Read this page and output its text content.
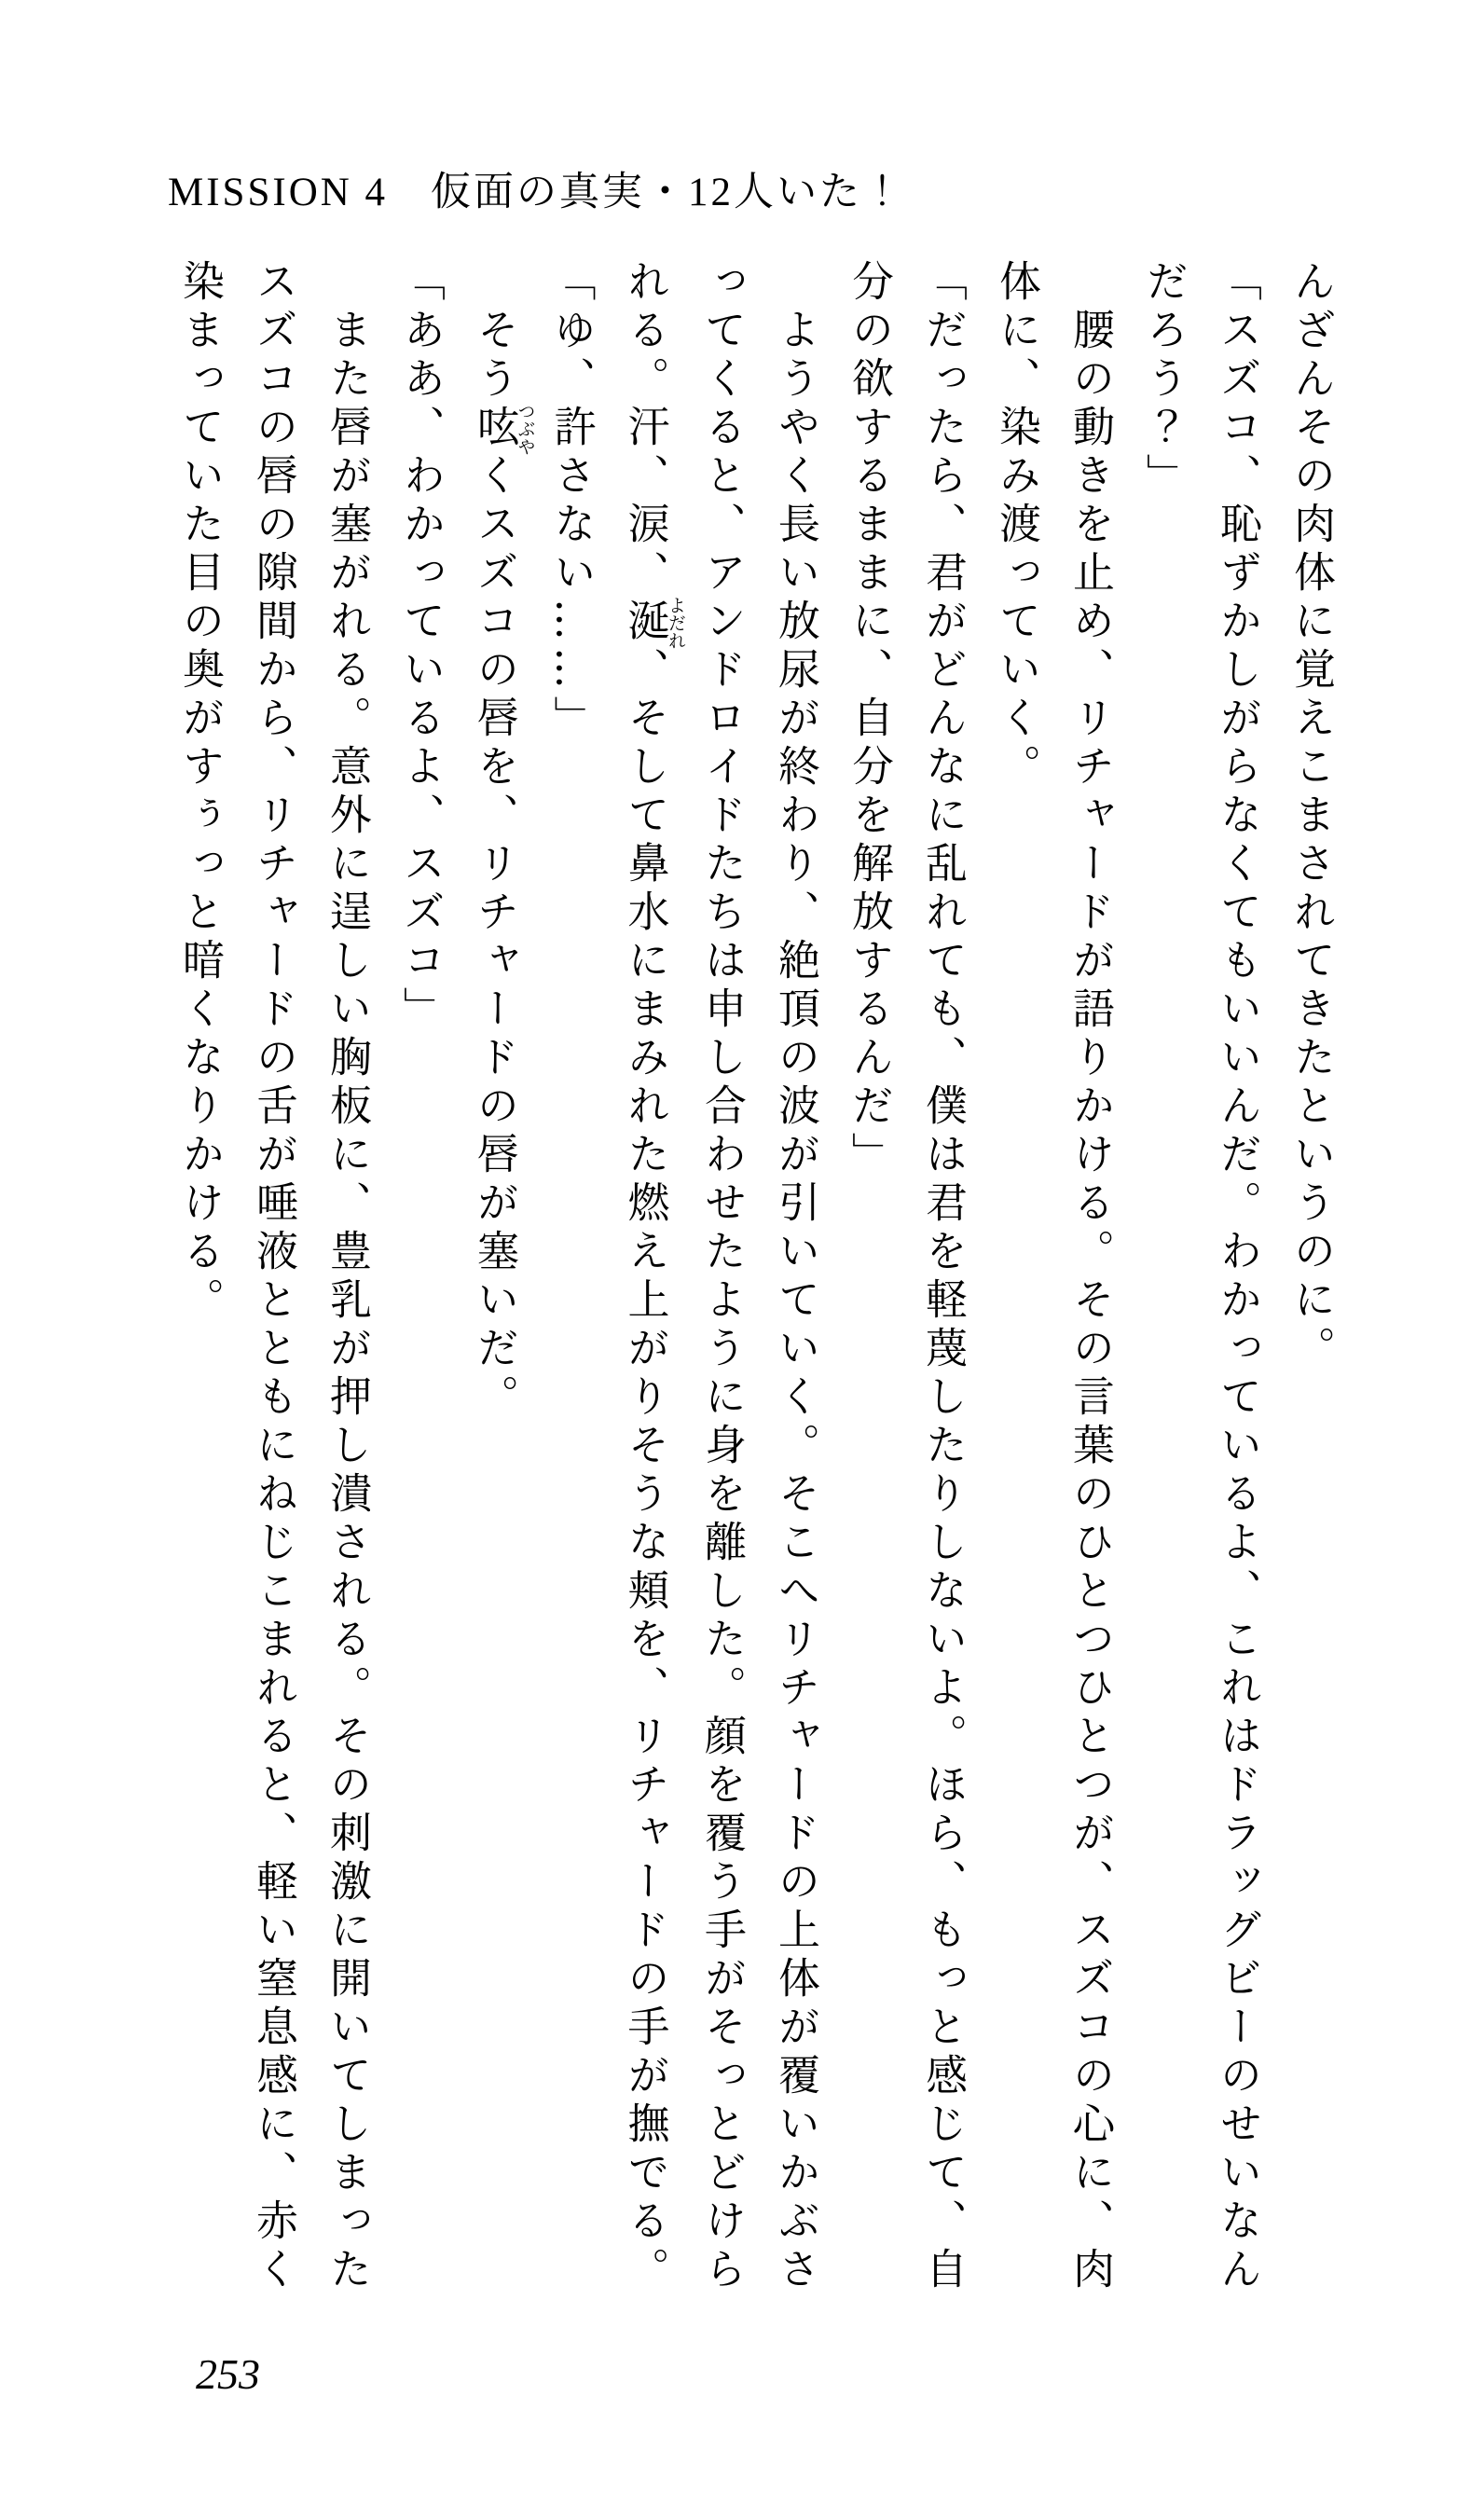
MISSION 4　仮面の真実・12人いた！

んざんその肉体に覚えこまされてきたというのに。

「スズコ、恥ずかしがらなくてもいいんだ。わかっているよ、これはドラッグビーのせいなん

だろう？」

　腰の動きを止め、リチャードが語りかける。その言葉のひとつひとつが、スズコの心に、肉

体に、染み渡っていく。

「だったら、君がどんなに乱れても、僕は君を軽蔑したりしないよ。ほら、もっと感じて、自

分の欲するままに、自分を解放するんだ」

　ようやく長い放尿が終わり、絶頂の波が引いていく。そこへリチャードの上体が覆いかぶさ

ってくると、アンドロイドたちは申し合わせたように身を離した。顔を覆う手がそっとどけら

れる。汗、涙、涎よだれ、そして鼻水にまみれた燃え上がりそうな頬を、リチャードの手が撫でる。

「ゆ、許さない……」

　そう呟つぶやくスズコの唇を、リチャードの唇が塞いだ。

「ああ、わかっているよ、スズコ」

　また唇が塞がれる。意外に逞しい胸板に、豊乳が押し潰される。その刺激に開いてしまった

スズコの唇の隙間から、リチャードの舌が唾液とともにねじこまれると、軽い窒息感に、赤く

染まっていた目の奥がすぅっと暗くなりかける。

253
